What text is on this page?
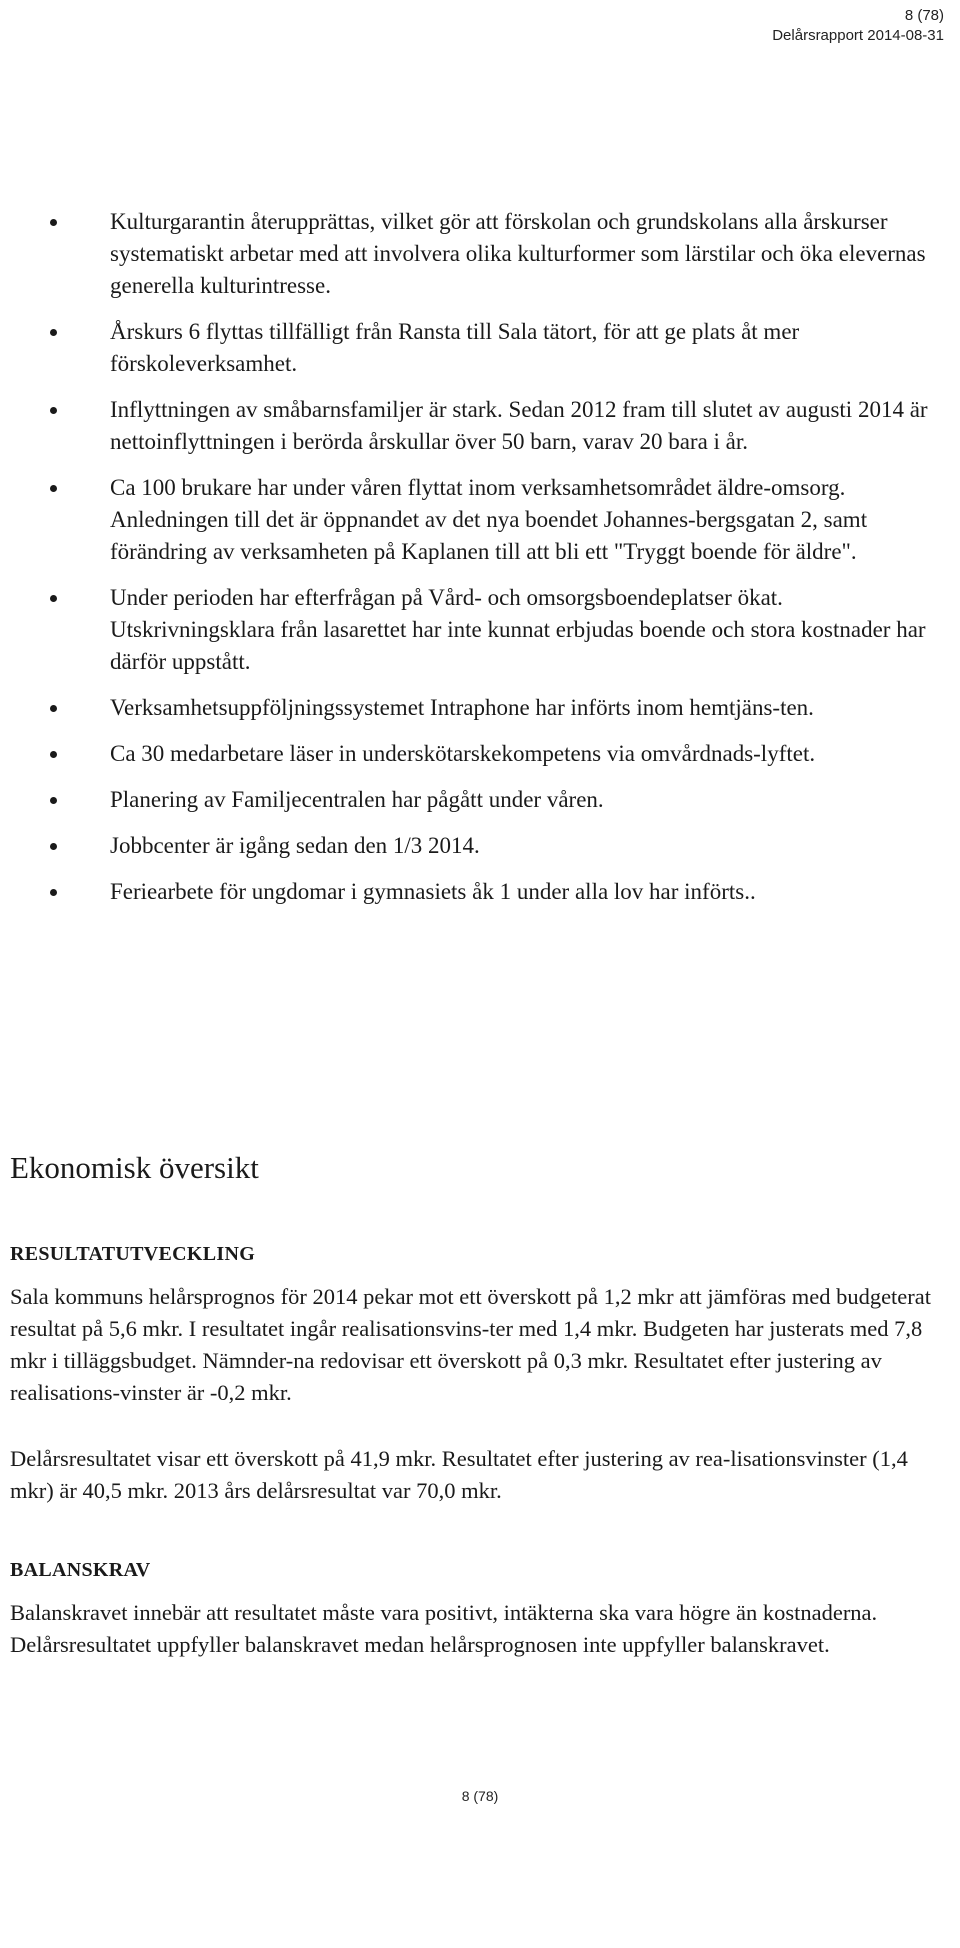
8 (78)
Delårsrapport 2014-08-31
Kulturgarantin återupprättas, vilket gör att förskolan och grundskolans alla årskurser systematiskt arbetar med att involvera olika kulturformer som lärstilar och öka elevernas generella kulturintresse.
Årskurs 6 flyttas tillfälligt från Ransta till Sala tätort, för att ge plats åt mer förskoleverksamhet.
Inflyttningen av småbarnsfamiljer är stark. Sedan 2012 fram till slutet av augusti 2014 är nettoinflyttningen i berörda årskullar över 50 barn, varav 20 bara i år.
Ca 100 brukare har under våren flyttat inom verksamhetsområdet äldre-omsorg. Anledningen till det är öppnandet av det nya boendet Johannes-bergsgatan 2, samt förändring av verksamheten på Kaplanen till att bli ett "Tryggt boende för äldre".
Under perioden har efterfrågan på Vård- och omsorgsboendeplatser ökat. Utskrivningsklara från lasarettet har inte kunnat erbjudas boende och stora kostnader har därför uppstått.
Verksamhetsuppföljningssystemet Intraphone har införts inom hemtjäns-ten.
Ca 30 medarbetare läser in underskötarskekompetens via omvårdnads-lyftet.
Planering av Familjecentralen har pågått under våren.
Jobbcenter är igång sedan den 1/3 2014.
Feriearbete för ungdomar i gymnasiets åk 1 under alla lov har införts..
Ekonomisk översikt
RESULTATUTVECKLING

Sala kommuns helårsprognos för 2014 pekar mot ett överskott på 1,2 mkr att jämföras med budgeterat resultat på 5,6 mkr. I resultatet ingår realisationsvins-ter med 1,4 mkr. Budgeten har justerats med 7,8 mkr i tilläggsbudget. Nämnder-na redovisar ett överskott på 0,3 mkr. Resultatet efter justering av realisations-vinster är -0,2 mkr.

Delårsresultatet visar ett överskott på 41,9 mkr. Resultatet efter justering av rea-lisationsvinster (1,4 mkr) är 40,5 mkr. 2013 års delårsresultat var 70,0 mkr.

BALANSKRAV

Balanskravet innebär att resultatet måste vara positivt, intäkterna ska vara högre än kostnaderna. Delårsresultatet uppfyller balanskravet medan helårsprognosen inte uppfyller balanskravet.

8 (78)
